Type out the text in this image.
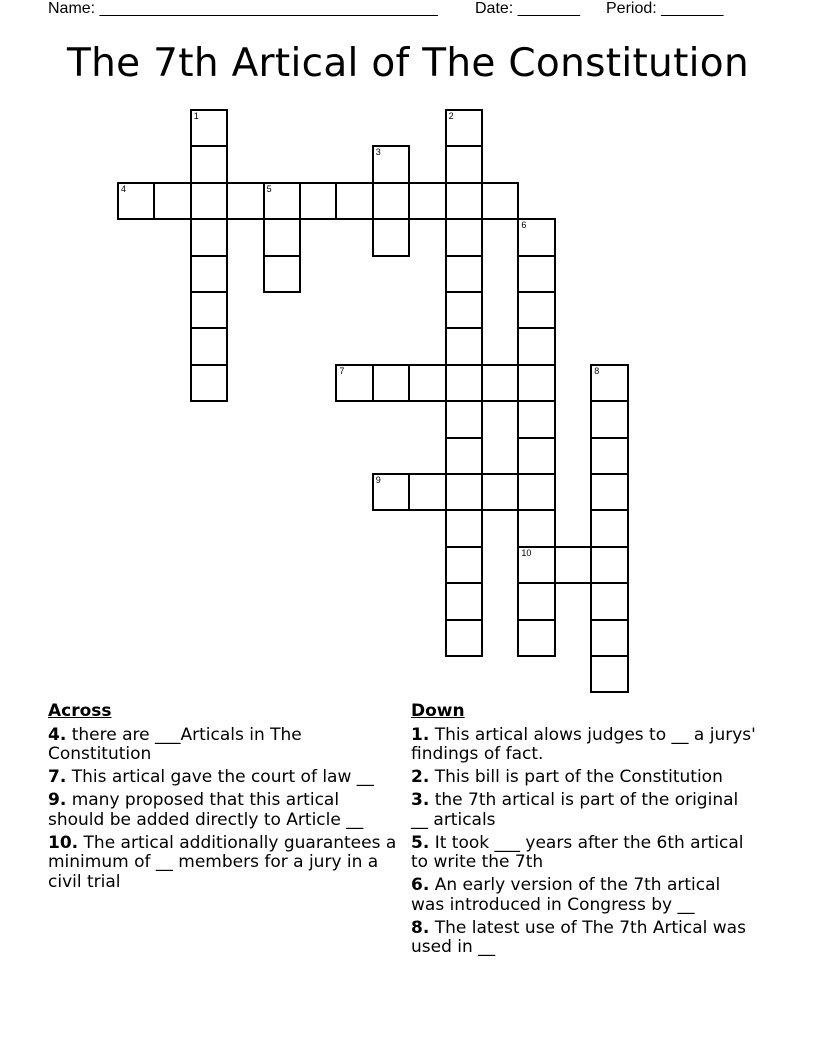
Name: ______________________________________ Date: _______ Period: _______
The 7th Artical of The Constitution
1	2
3
4	5
6
10
7	8
9
Across
4. there are ___Articals in The Constitution
7. This artical gave the court of law __
9. many proposed that this artical should be added directly to Article __
10. The artical additionally guarantees a minimum of __ members for a jury in a civil trial
Down
1. This artical alows judges to __ a jurys' findings of fact.
2. This bill is part of the Constitution
3. the 7th artical is part of the original __ articals
5. It took ___ years after the 6th artical to write the 7th
6. An early version of the 7th artical was introduced in Congress by __
8. The latest use of The 7th Artical was used in __
